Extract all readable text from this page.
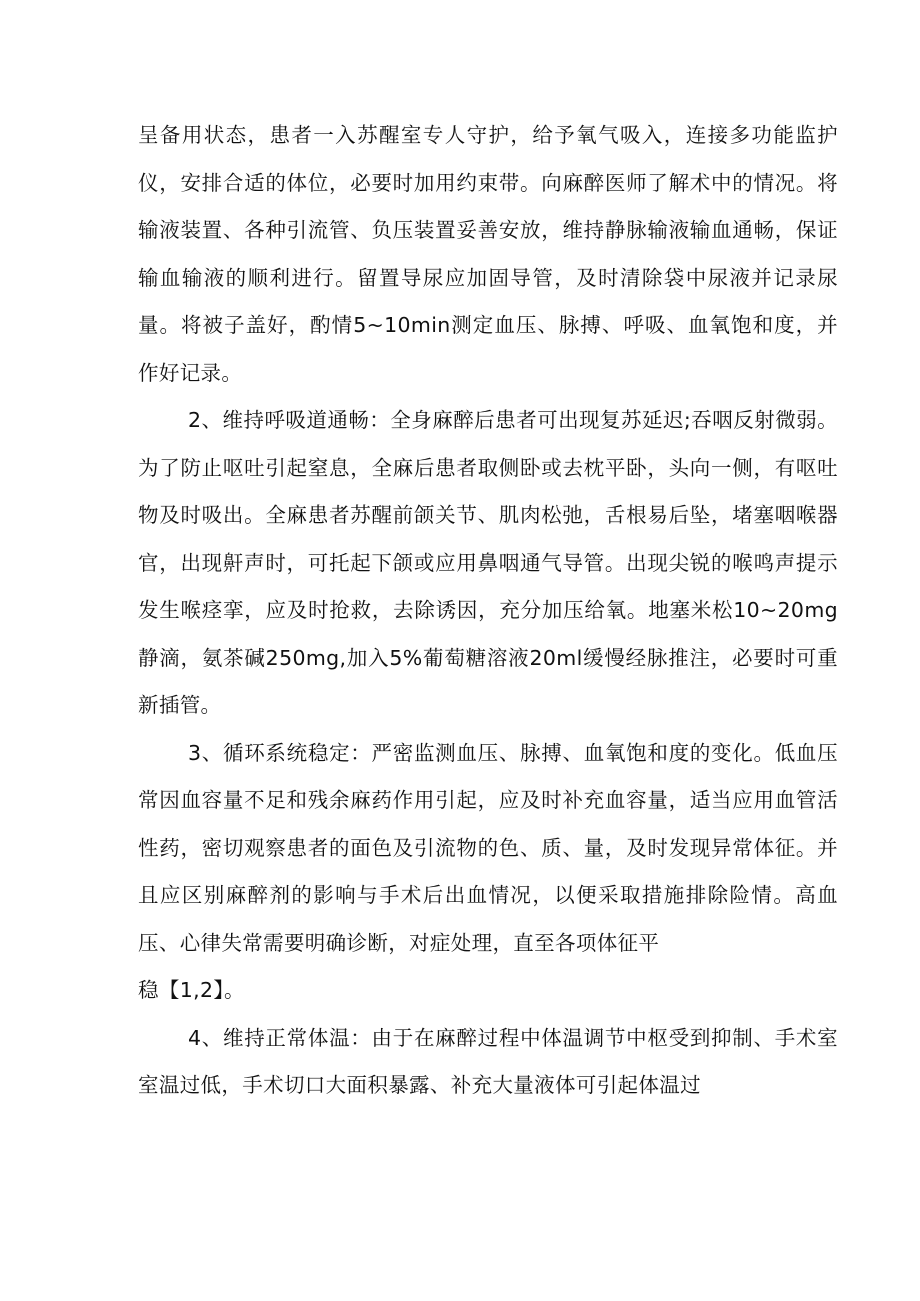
呈备用状态，患者一入苏醒室专人守护，给予氧气吸入，连接多功能监护仪，安排合适的体位，必要时加用约束带。向麻醉医师了解术中的情况。将输液装置、各种引流管、负压装置妥善安放，维持静脉输液输血通畅，保证输血输液的顺利进行。留置导尿应加固导管，及时清除袋中尿液并记录尿量。将被子盖好，酌情5~10min测定血压、脉搏、呼吸、血氧饱和度，并作好记录。

2、维持呼吸道通畅：全身麻醉后患者可出现复苏延迟;吞咽反射微弱。为了防止呕吐引起窒息，全麻后患者取侧卧或去枕平卧，头向一侧，有呕吐物及时吸出。全麻患者苏醒前颌关节、肌肉松弛，舌根易后坠，堵塞咽喉器官，出现鼾声时，可托起下颌或应用鼻咽通气导管。出现尖锐的喉鸣声提示发生喉痉挛，应及时抢救，去除诱因，充分加压给氧。地塞米松10~20mg静滴，氨茶碱250mg,加入5%葡萄糖溶液20ml缓慢经脉推注，必要时可重新插管。

3、循环系统稳定：严密监测血压、脉搏、血氧饱和度的变化。低血压常因血容量不足和残余麻药作用引起，应及时补充血容量，适当应用血管活性药，密切观察患者的面色及引流物的色、质、量，及时发现异常体征。并且应区别麻醉剂的影响与手术后出血情况，以便采取措施排除险情。高血压、心律失常需要明确诊断，对症处理，直至各项体征平

稳【1,2】。

4、维持正常体温：由于在麻醉过程中体温调节中枢受到抑制、手术室室温过低，手术切口大面积暴露、补充大量液体可引起体温过
